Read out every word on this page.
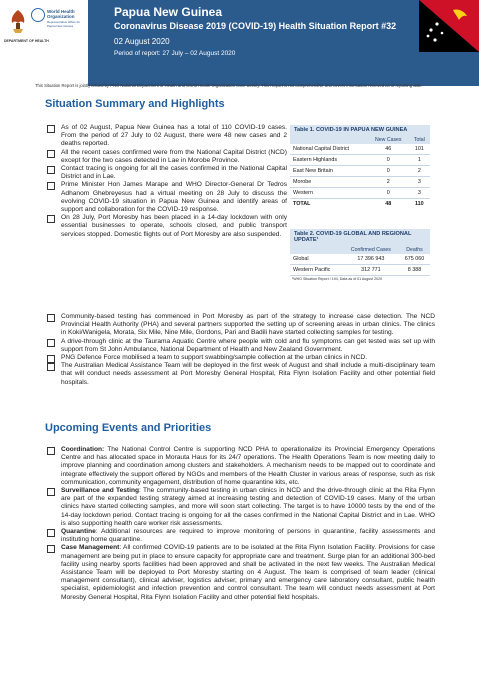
World Health Organization
Representative Office for Papua New Guinea
DEPARTMENT OF HEALTH
Papua New Guinea
Coronavirus Disease 2019 (COVID-19) Health Situation Report #32
02 August 2020
Period of report: 27 July – 02 August 2020
This Situation Report is jointly issued by PNG National Department of Health and World Health Organization once weekly. This Report is not comprehensive and covers information received as of reporting date.
Situation Summary and Highlights
As of 02 August, Papua New Guinea has a total of 110 COVID-19 cases. From the period of 27 July to 02 August, there were 48 new cases and 2 deaths reported.
All the recent cases confirmed were from the National Capital District (NCD) except for the two cases detected in Lae in Morobe Province.
Contact tracing is ongoing for all the cases confirmed in the National Capital District and in Lae.
Prime Minister Hon James Marape and WHO Director-General Dr Tedros Adhanom Ghebreyesus had a virtual meeting on 28 July to discuss the evolving COVID-19 situation in Papua New Guinea and identify areas of support and collaboration for the COVID-19 response.
On 28 July, Port Moresby has been placed in a 14-day lockdown with only essential businesses to operate, schools closed, and public transport services stopped. Domestic flights out of Port Moresby are also suspended.
Community-based testing has commenced in Port Moresby as part of the strategy to increase case detection. The NCD Provincial Health Authority (PHA) and several partners supported the setting up of screening areas in urban clinics. The clinics in Koki/Wanigela, Morata, Six Mile, Nine Mile, Gordons, Pari and Badili have started collecting samples for testing.
A drive-through clinic at the Taurama Aquatic Centre where people with cold and flu symptoms can get tested was set up with support from St John Ambulance, National Department of Health and New Zealand Government.
PNG Defence Force mobilised a team to support swabbing/sample collection at the urban clinics in NCD.
The Australian Medical Assistance Team will be deployed in the first week of August and shall include a multi-disciplinary team that will conduct needs assessment at Port Moresby General Hospital, Rita Flynn Isolation Facility and other potential field hospitals.
Table 1. COVID-19 IN PAPUA NEW GUINEA
	New Cases	Total
National Capital District	46	101
Eastern Highlands	0	1
East New Britain	0	2
Morobe	2	3
Western	0	3
TOTAL	48	110
Table 2. COVID-19 GLOBAL AND REGIONAL UPDATE¹
	Confirmed Cases	Deaths
Global	17 396 943	675 060
Western Pacific	312 771	8 388
¹WHO Situation Report / 194, Data as of 01 August 2020
Upcoming Events and Priorities
Coordination: The National Control Centre is supporting NCD PHA to operationalize its Provincial Emergency Operations Centre and has allocated space in Morauta Haus for its 24/7 operations. The Health Operations Team is now meeting daily to improve planning and coordination among clusters and stakeholders. A mechanism needs to be mapped out to coordinate and integrate effectively the support offered by NGOs and members of the Health Cluster in various areas of response, such as risk communication, community engagement, distribution of home quarantine kits, etc.
Surveillance and Testing: The community-based testing in urban clinics in NCD and the drive-through clinic at the Rita Flynn are part of the expanded testing strategy aimed at increasing testing and detection of COVID-19 cases. Many of the urban clinics have started collecting samples, and more will soon start collecting. The target is to have 10000 tests by the end of the 14-day lockdown period. Contact tracing is ongoing for all the cases confirmed in the National Capital District and in Lae. WHO is also supporting health care worker risk assessments.
Quarantine: Additional resources are required to improve monitoring of persons in quarantine, facility assessments and instituting home quarantine.
Case Management: All confirmed COVID-19 patients are to be isolated at the Rita Flynn Isolation Facility. Provisions for case management are being put in place to ensure capacity for appropriate care and treatment. Surge plan for an additional 300-bed facility using nearby sports facilities had been approved and shall be activated in the next few weeks. The Australian Medical Assistance Team will be deployed to Port Moresby starting on 4 August. The team is comprised of team leader (clinical management consultant), clinical adviser, logistics adviser, primary and emergency care laboratory consultant, public health specialist, epidemiologist and infection prevention and control consultant. The team will conduct needs assessment at Port Moresby General Hospital, Rita Flynn Isolation Facility and other potential field hospitals.
